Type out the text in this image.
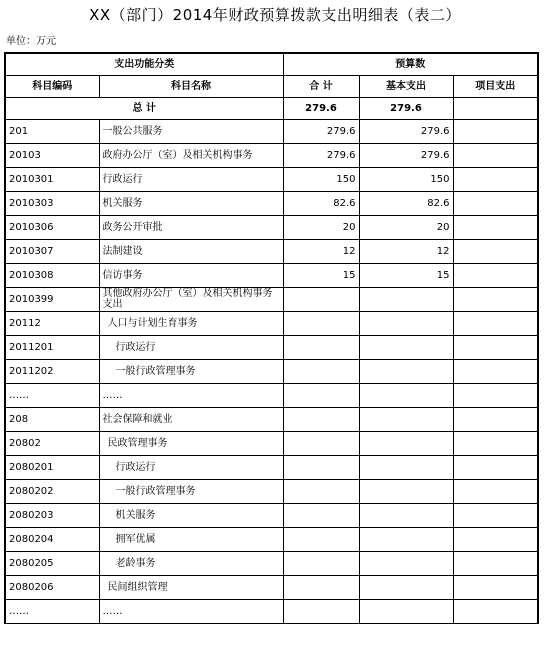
XX（部门）2014年财政预算拨款支出明细表（表二）
单位：万元
支出功能分类		预算数		
科目编码	科目名称	合 计	基本支出	项目支出
总 计		279.6	279.6	
201	一般公共服务	279.6	279.6	
20103	政府办公厅（室）及相关机构事务	279.6	279.6	
2010301	行政运行	150	150	
2010303	机关服务	82.6	82.6	
2010306	政务公开审批	20	20	
2010307	法制建设	12	12	
2010308	信访事务	15	15	
2010399	其他政府办公厅（室）及相关机构事务支出			
20112	人口与计划生育事务			
2011201	行政运行			
2011202	一般行政管理事务			
……	……			
208	社会保障和就业			
20802	民政管理事务			
2080201	行政运行			
2080202	一般行政管理事务			
2080203	机关服务			
2080204	拥军优属			
2080205	老龄事务			
2080206	民间组织管理			
……	……			
